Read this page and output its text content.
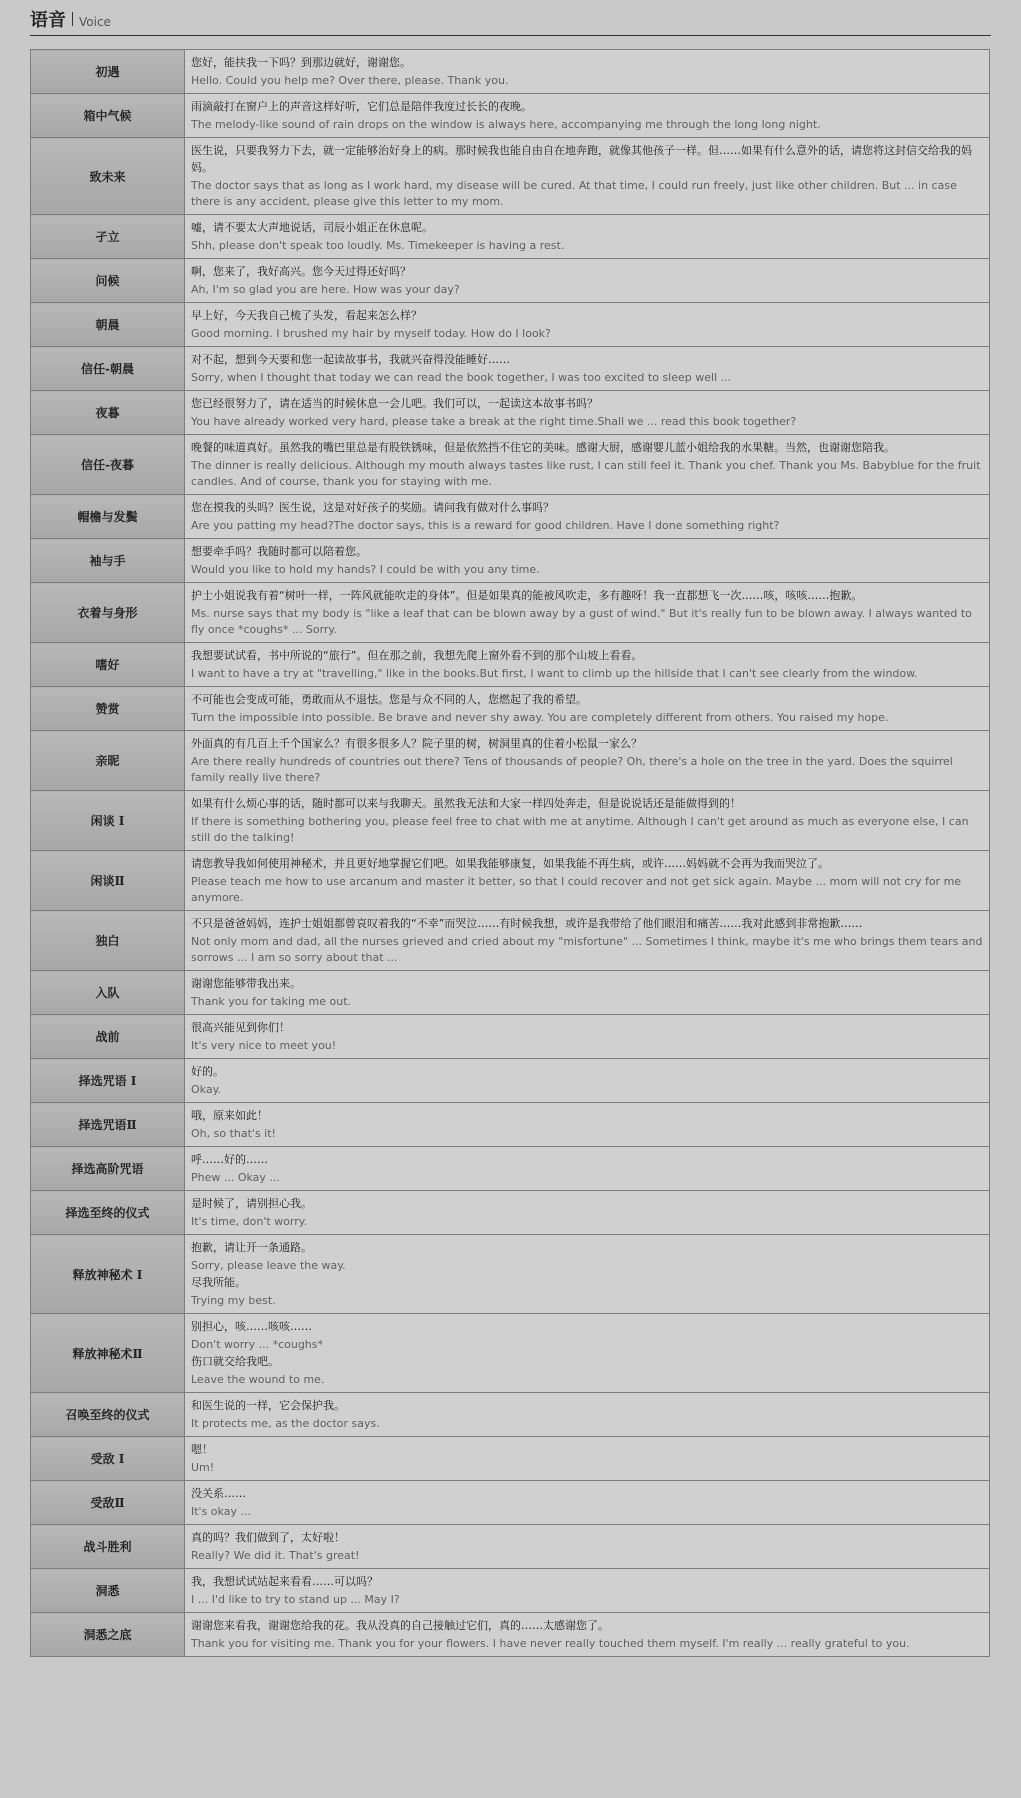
语音 Voice
初遇	您好，能扶我一下吗？到那边就好，谢谢您。
Hello. Could you help me? Over there, please. Thank you.

箱中气候	雨滴敲打在窗户上的声音这样好听，它们总是陪伴我度过长长的夜晚。
The melody-like sound of rain drops on the window is always here, accompanying me through the long long night.

致未来	医生说，只要我努力下去，就一定能够治好身上的病。那时候我也能自由自在地奔跑，就像其他孩子一样。但……如果有什么意外的话，请您将这封信交给我的妈妈。
The doctor says that as long as I work hard, my disease will be cured. At that time, I could run freely, just like other children. But ... in case there is any accident, please give this letter to my mom.

孑立	嘘，请不要太大声地说话，司辰小姐正在休息呢。
Shh, please don't speak too loudly. Ms. Timekeeper is having a rest.

问候	啊，您来了，我好高兴。您今天过得还好吗？
Ah, I'm so glad you are here. How was your day?

朝晨	早上好，今天我自己梳了头发，看起来怎么样？
Good morning. I brushed my hair by myself today. How do I look?

信任-朝晨	对不起，想到今天要和您一起读故事书，我就兴奋得没能睡好……
Sorry, when I thought that today we can read the book together, I was too excited to sleep well ...

夜暮	您已经很努力了，请在适当的时候休息一会儿吧。我们可以，一起读这本故事书吗？
You have already worked very hard, please take a break at the right time.Shall we ... read this book together?

信任-夜暮	晚餐的味道真好。虽然我的嘴巴里总是有股铁锈味，但是依然挡不住它的美味。感谢大厨，感谢婴儿蓝小姐给我的水果糖。当然，也谢谢您陪我。
The dinner is really delicious. Although my mouth always tastes like rust, I can still feel it. Thank you chef. Thank you Ms. Babyblue for the fruit candles. And of course, thank you for staying with me.

帽檐与发鬓	您在摸我的头吗？医生说，这是对好孩子的奖励。请问我有做对什么事吗？
Are you patting my head?The doctor says, this is a reward for good children. Have I done something right?

袖与手	想要牵手吗？我随时都可以陪着您。
Would you like to hold my hands? I could be with you any time.

衣着与身形	护士小姐说我有着“树叶一样，一阵风就能吹走的身体”。但是如果真的能被风吹走，多有趣呀！我一直都想飞一次……咳，咳咳……抱歉。
Ms. nurse says that my body is "like a leaf that can be blown away by a gust of wind." But it's really fun to be blown away. I always wanted to fly once *coughs* ... Sorry.

嗜好	我想要试试看，书中所说的“旅行”。但在那之前，我想先爬上窗外看不到的那个山坡上看看。
I want to have a try at "travelling," like in the books.But first, I want to climb up the hillside that I can't see clearly from the window.

赞赏	不可能也会变成可能，勇敢而从不退怯。您是与众不同的人，您燃起了我的希望。
Turn the impossible into possible. Be brave and never shy away. You are completely different from others. You raised my hope.

亲昵	外面真的有几百上千个国家么？有很多很多人？院子里的树，树洞里真的住着小松鼠一家么？
Are there really hundreds of countries out there? Tens of thousands of people? Oh, there's a hole on the tree in the yard. Does the squirrel family really live there?

闲谈 I	如果有什么烦心事的话，随时都可以来与我聊天。虽然我无法和大家一样四处奔走，但是说说话还是能做得到的！
If there is something bothering you, please feel free to chat with me at anytime. Although I can't get around as much as everyone else, I can still do the talking!

闲谈Ⅱ	请您教导我如何使用神秘术，并且更好地掌握它们吧。如果我能够康复，如果我能不再生病，或许……妈妈就不会再为我而哭泣了。
Please teach me how to use arcanum and master it better, so that I could recover and not get sick again. Maybe ... mom will not cry for me anymore.

独白	不只是爸爸妈妈，连护士姐姐都曾哀叹着我的“不幸”而哭泣……有时候我想，或许是我带给了他们眼泪和痛苦……我对此感到非常抱歉……
Not only mom and dad, all the nurses grieved and cried about my "misfortune" ... Sometimes I think, maybe it's me who brings them tears and sorrows ... I am so sorry about that ...

入队	谢谢您能够带我出来。
Thank you for taking me out.

战前	很高兴能见到你们！
It's very nice to meet you!

择选咒语 I	好的。
Okay.

择选咒语Ⅱ	哦，原来如此！
Oh, so that's it!

择选高阶咒语	呼……好的……
Phew ... Okay ...

择选至终的仪式	是时候了，请别担心我。
It's time, don't worry.

释放神秘术 I	抱歉，请让开一条通路。
Sorry, please leave the way.
尽我所能。
Trying my best.

释放神秘术Ⅱ	别担心，咳……咳咳……
Don't worry ... *coughs*
伤口就交给我吧。
Leave the wound to me.

召唤至终的仪式	和医生说的一样，它会保护我。
It protects me, as the doctor says.

受敌 I	嗯！
Um!

受敌Ⅱ	没关系……
It's okay ...

战斗胜利	真的吗？我们做到了，太好啦！
Really? We did it. That's great!

洞悉	我，我想试试站起来看看……可以吗？
I ... I'd like to try to stand up ... May I?

洞悉之底	谢谢您来看我，谢谢您给我的花。我从没真的自己接触过它们，真的……太感谢您了。
Thank you for visiting me. Thank you for your flowers. I have never really touched them myself. I'm really ... really grateful to you.
